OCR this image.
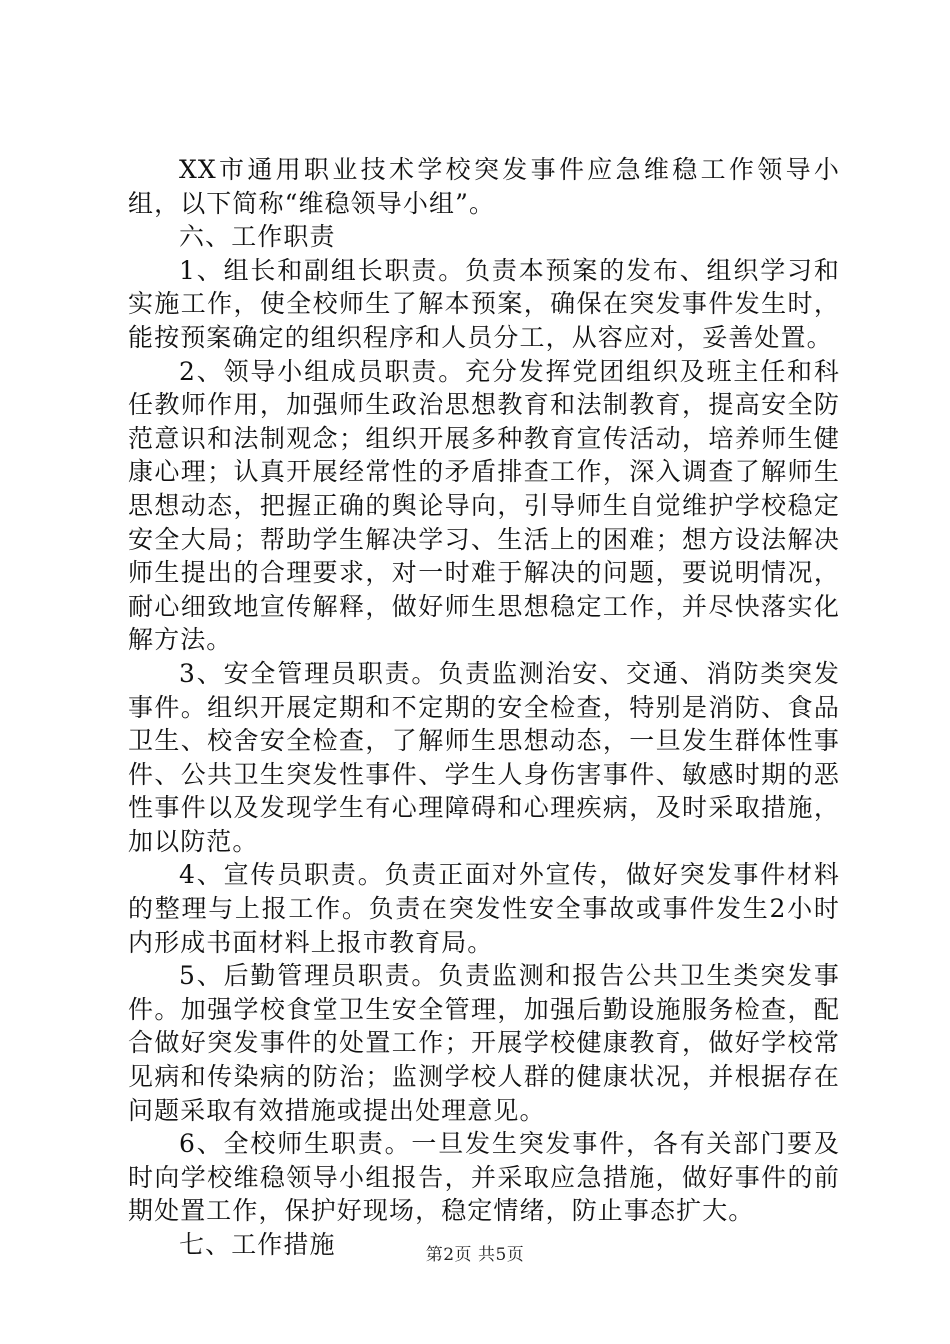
XX市通用职业技术学校突发事件应急维稳工作领导小组，以下简称“维稳领导小组”。

六、工作职责

1、组长和副组长职责。负责本预案的发布、组织学习和实施工作，使全校师生了解本预案，确保在突发事件发生时，能按预案确定的组织程序和人员分工，从容应对，妥善处置。

2、领导小组成员职责。充分发挥党团组织及班主任和科任教师作用，加强师生政治思想教育和法制教育，提高安全防范意识和法制观念；组织开展多种教育宣传活动，培养师生健康心理；认真开展经常性的矛盾排查工作，深入调查了解师生思想动态，把握正确的舆论导向，引导师生自觉维护学校稳定安全大局；帮助学生解决学习、生活上的困难；想方设法解决师生提出的合理要求，对一时难于解决的问题，要说明情况，耐心细致地宣传解释，做好师生思想稳定工作，并尽快落实化解方法。

3、安全管理员职责。负责监测治安、交通、消防类突发事件。组织开展定期和不定期的安全检查，特别是消防、食品卫生、校舍安全检查，了解师生思想动态，一旦发生群体性事件、公共卫生突发性事件、学生人身伤害事件、敏感时期的恶性事件以及发现学生有心理障碍和心理疾病，及时采取措施，加以防范。

4、宣传员职责。负责正面对外宣传，做好突发事件材料的整理与上报工作。负责在突发性安全事故或事件发生2小时内形成书面材料上报市教育局。

5、后勤管理员职责。负责监测和报告公共卫生类突发事件。加强学校食堂卫生安全管理，加强后勤设施服务检查，配合做好突发事件的处置工作；开展学校健康教育，做好学校常见病和传染病的防治；监测学校人群的健康状况，并根据存在问题采取有效措施或提出处理意见。

6、全校师生职责。一旦发生突发事件，各有关部门要及时向学校维稳领导小组报告，并采取应急措施，做好事件的前期处置工作，保护好现场，稳定情绪，防止事态扩大。

七、工作措施	第2页 共5页
